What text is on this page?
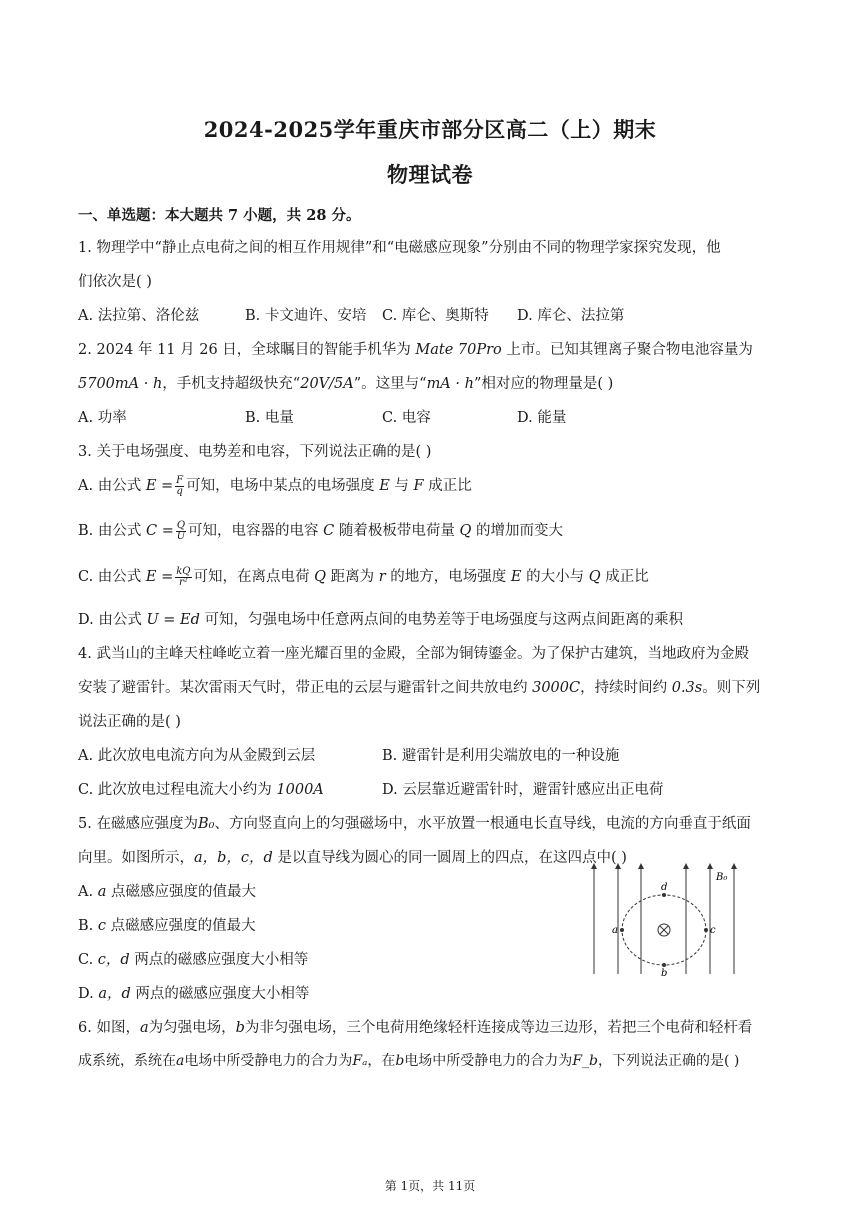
2024-2025学年重庆市部分区高二（上）期末
物理试卷
一、单选题：本大题共 7 小题，共 28 分。
1. 物理学中“静止点电荷之间的相互作用规律”和“电磁感应现象”分别由不同的物理学家探究发现，他
们依次是( )
A. 法拉第、洛伦兹	B. 卡文迪许、安培 C. 库仑、奥斯特 D. 库仑、法拉第
2. 2024 年 11 月 26 日，全球瞩目的智能手机华为 Mate 70Pro 上市。已知其锂离子聚合物电池容量为
5700mA · h，手机支持超级快充“20V/5A”。这里与“mA · h”相对应的物理量是( )
A. 功率	B. 电量	C. 电容	D. 能量
3. 关于电场强度、电势差和电容，下列说法正确的是( )
A. 由公式 $E = \frac{F}{q}$ 可知，电场中某点的电场强度 E 与 F 成正比
B. 由公式 $C = \frac{Q}{U}$ 可知，电容器的电容 C 随着极板带电荷量 Q 的增加而变大
C. 由公式 $E = \frac{kQ}{\text{r²}}$ 可知，在离点电荷 Q 距离为 r 的地方，电场强度 E 的大小与 Q 成正比
D. 由公式 U = Ed 可知，匀强电场中任意两点间的电势差等于电场强度与这两点间距离的乘积
4. 武当山的主峰天柱峰屹立着一座光耀百里的金殿，全部为铜铸鎏金。为了保护古建筑，当地政府为金殿
安装了避雷针。某次雷雨天气时，带正电的云层与避雷针之间共放电约 3000C，持续时间约 0.3s。则下列
说法正确的是( )
A. 此次放电电流方向为从金殿到云层	B. 避雷针是利用尖端放电的一种设施
C. 此次放电过程电流大小约为 1000A	D. 云层靠近避雷针时，避雷针感应出正电荷
5. 在磁感应强度为B₀、方向竖直向上的匀强磁场中，水平放置一根通电长直导线，电流的方向垂直于纸面
向里。如图所示，a，b，c，d 是以直导线为圆心的同一圆周上的四点，在这四点中( )
A. a 点磁感应强度的值最大
B. c 点磁感应强度的值最大
C. c，d 两点的磁感应强度大小相等
D. a，d 两点的磁感应强度大小相等
a	c
d
b
B₀
6. 如图，a为匀强电场，b为非匀强电场，三个电荷用绝缘轻杆连接成等边三边形，若把三个电荷和轻杆看
成系统，系统在a电场中所受静电力的合力为Fₐ，在b电场中所受静电力的合力为F_b，下列说法正确的是( )
第 1页，共 11页
